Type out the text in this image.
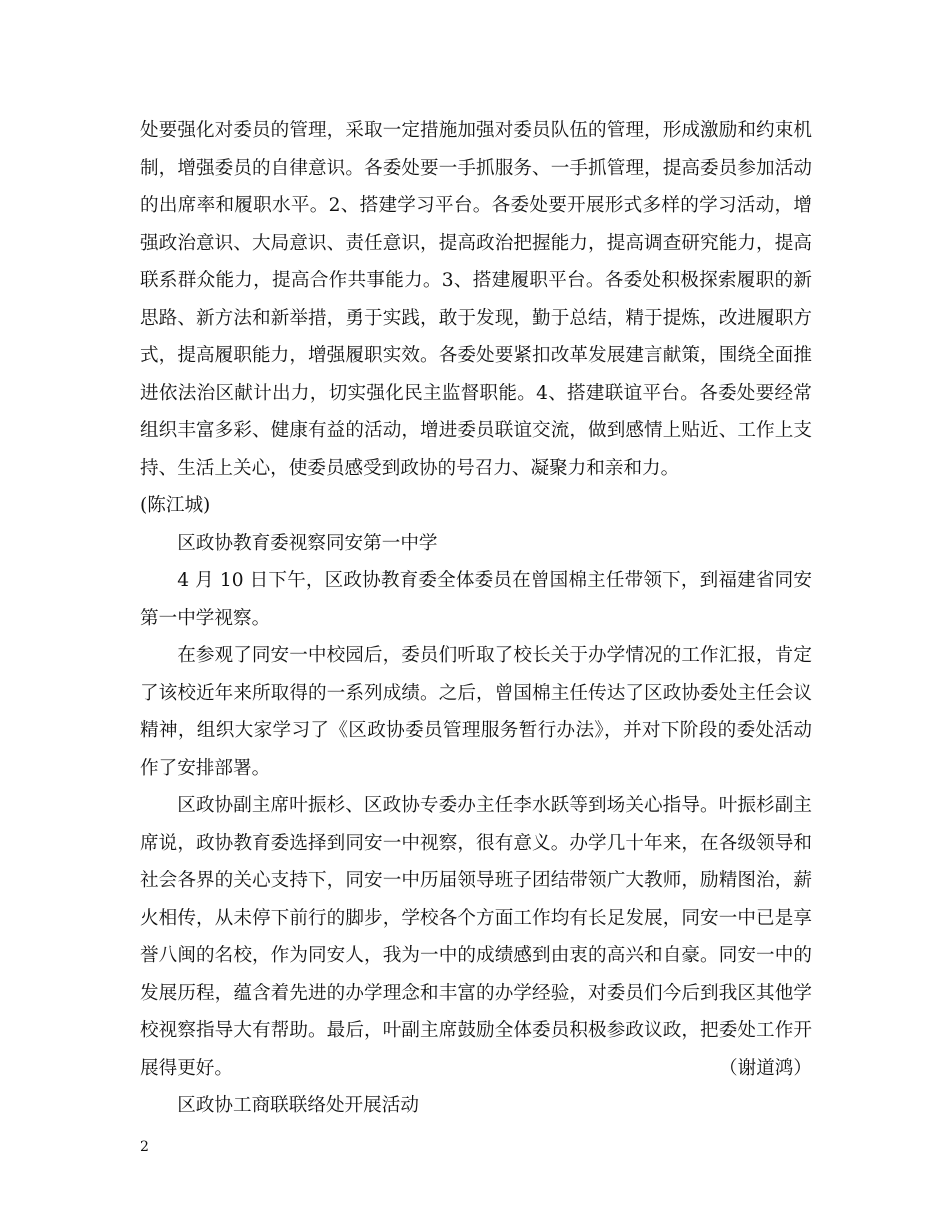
处要强化对委员的管理，采取一定措施加强对委员队伍的管理，形成激励和约束机制，增强委员的自律意识。各委处要一手抓服务、一手抓管理，提高委员参加活动的出席率和履职水平。2、搭建学习平台。各委处要开展形式多样的学习活动，增强政治意识、大局意识、责任意识，提高政治把握能力，提高调查研究能力，提高联系群众能力，提高合作共事能力。3、搭建履职平台。各委处积极探索履职的新思路、新方法和新举措，勇于实践，敢于发现，勤于总结，精于提炼，改进履职方式，提高履职能力，增强履职实效。各委处要紧扣改革发展建言献策，围绕全面推进依法治区献计出力，切实强化民主监督职能。4、搭建联谊平台。各委处要经常组织丰富多彩、健康有益的活动，增进委员联谊交流，做到感情上贴近、工作上支持、生活上关心，使委员感受到政协的号召力、凝聚力和亲和力。

(陈江城)

区政协教育委视察同安第一中学

4 月 10 日下午，区政协教育委全体委员在曾国棉主任带领下，到福建省同安第一中学视察。

在参观了同安一中校园后，委员们听取了校长关于办学情况的工作汇报，肯定了该校近年来所取得的一系列成绩。之后，曾国棉主任传达了区政协委处主任会议精神，组织大家学习了《区政协委员管理服务暂行办法》，并对下阶段的委处活动作了安排部署。

区政协副主席叶振杉、区政协专委办主任李水跃等到场关心指导。叶振杉副主席说，政协教育委选择到同安一中视察，很有意义。办学几十年来，在各级领导和社会各界的关心支持下，同安一中历届领导班子团结带领广大教师，励精图治，薪火相传，从未停下前行的脚步，学校各个方面工作均有长足发展，同安一中已是享誉八闽的名校，作为同安人，我为一中的成绩感到由衷的高兴和自豪。同安一中的发展历程，蕴含着先进的办学理念和丰富的办学经验，对委员们今后到我区其他学校视察指导大有帮助。最后，叶副主席鼓励全体委员积极参政议政，把委处工作开展得更好。	（谢道鸿）

区政协工商联联络处开展活动

2
